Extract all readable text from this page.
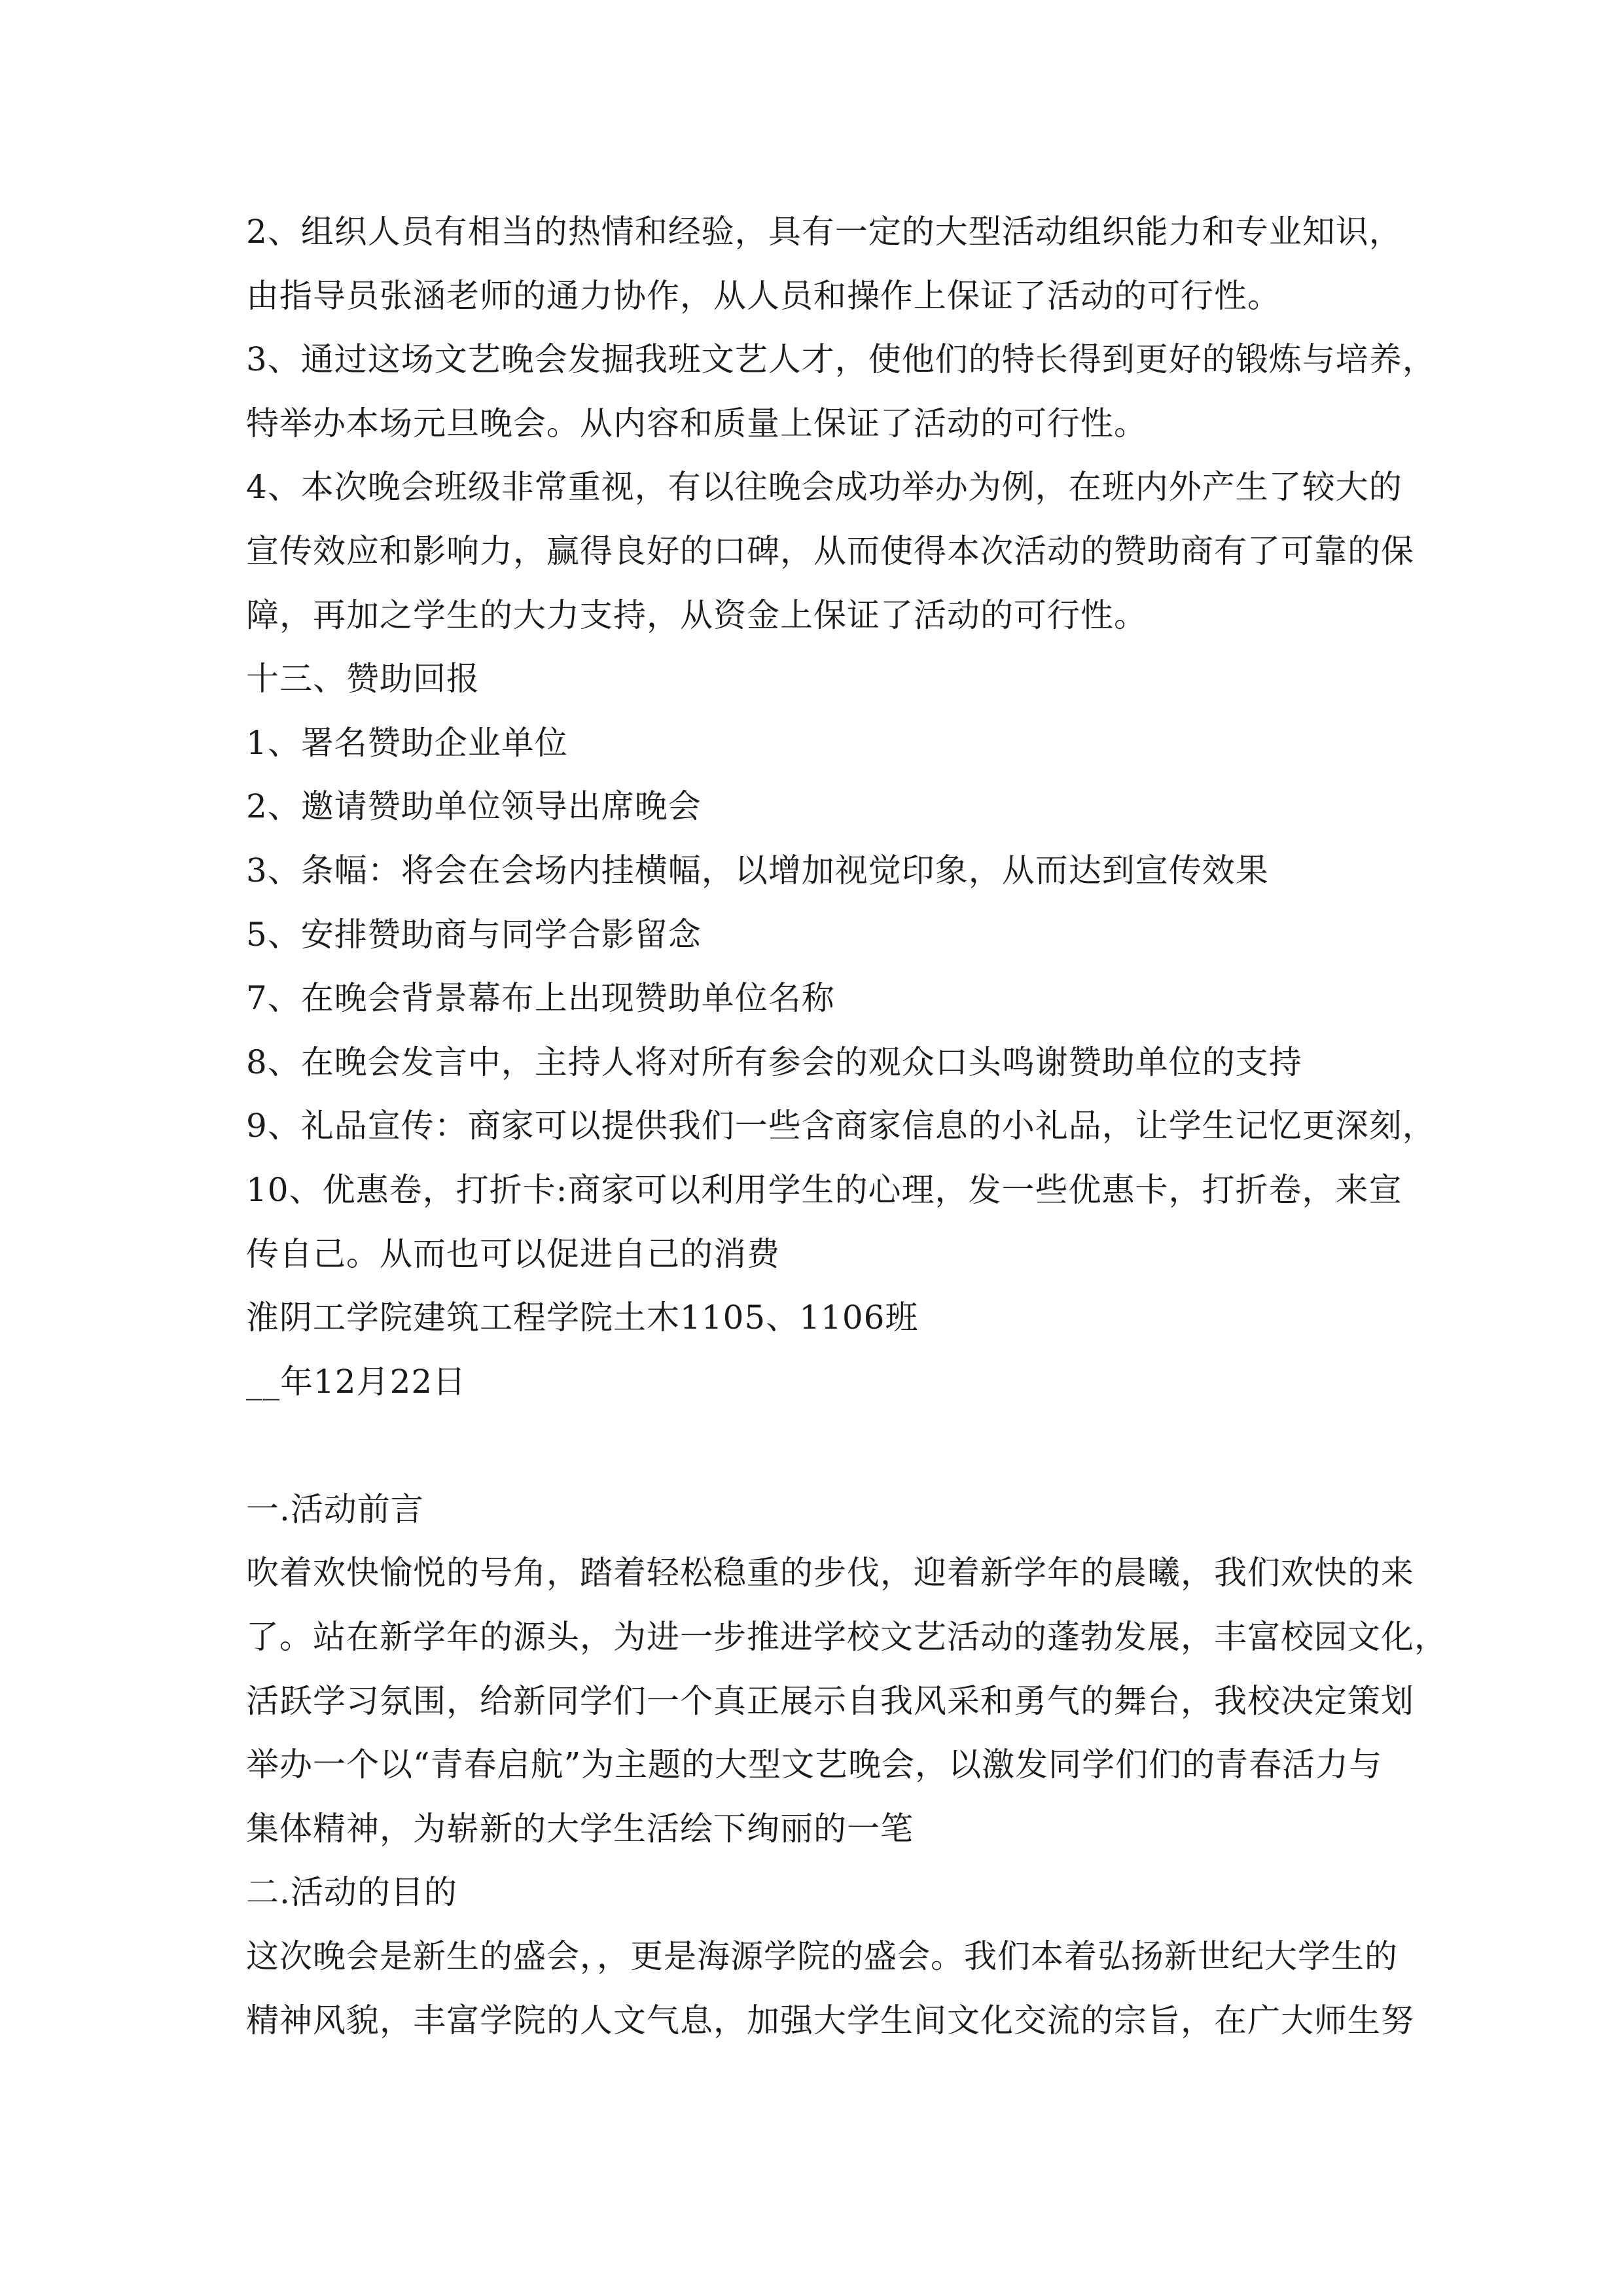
2、组织人员有相当的热情和经验，具有一定的大型活动组织能力和专业知识，
由指导员张涵老师的通力协作，从人员和操作上保证了活动的可行性。
3、通过这场文艺晚会发掘我班文艺人才，使他们的特长得到更好的锻炼与培养，
特举办本场元旦晚会。从内容和质量上保证了活动的可行性。
4、本次晚会班级非常重视，有以往晚会成功举办为例，在班内外产生了较大的
宣传效应和影响力，赢得良好的口碑，从而使得本次活动的赞助商有了可靠的保
障，再加之学生的大力支持，从资金上保证了活动的可行性。
十三、赞助回报
1、署名赞助企业单位
2、邀请赞助单位领导出席晚会
3、条幅：将会在会场内挂横幅，以增加视觉印象，从而达到宣传效果
5、安排赞助商与同学合影留念
7、在晚会背景幕布上出现赞助单位名称
8、在晚会发言中，主持人将对所有参会的观众口头鸣谢赞助单位的支持
9、礼品宣传：商家可以提供我们一些含商家信息的小礼品，让学生记忆更深刻，
10、优惠卷，打折卡:商家可以利用学生的心理，发一些优惠卡，打折卷，来宣
传自己。从而也可以促进自己的消费
淮阴工学院建筑工程学院土木1105、1106班
__年12月22日
一.活动前言
吹着欢快愉悦的号角，踏着轻松稳重的步伐，迎着新学年的晨曦，我们欢快的来
了。站在新学年的源头，为进一步推进学校文艺活动的蓬勃发展，丰富校园文化，
活跃学习氛围，给新同学们一个真正展示自我风采和勇气的舞台，我校决定策划
举办一个以“青春启航”为主题的大型文艺晚会，以激发同学们们的青春活力与
集体精神，为崭新的大学生活绘下绚丽的一笔
二.活动的目的
这次晚会是新生的盛会，，更是海源学院的盛会。我们本着弘扬新世纪大学生的
精神风貌，丰富学院的人文气息，加强大学生间文化交流的宗旨，在广大师生努
